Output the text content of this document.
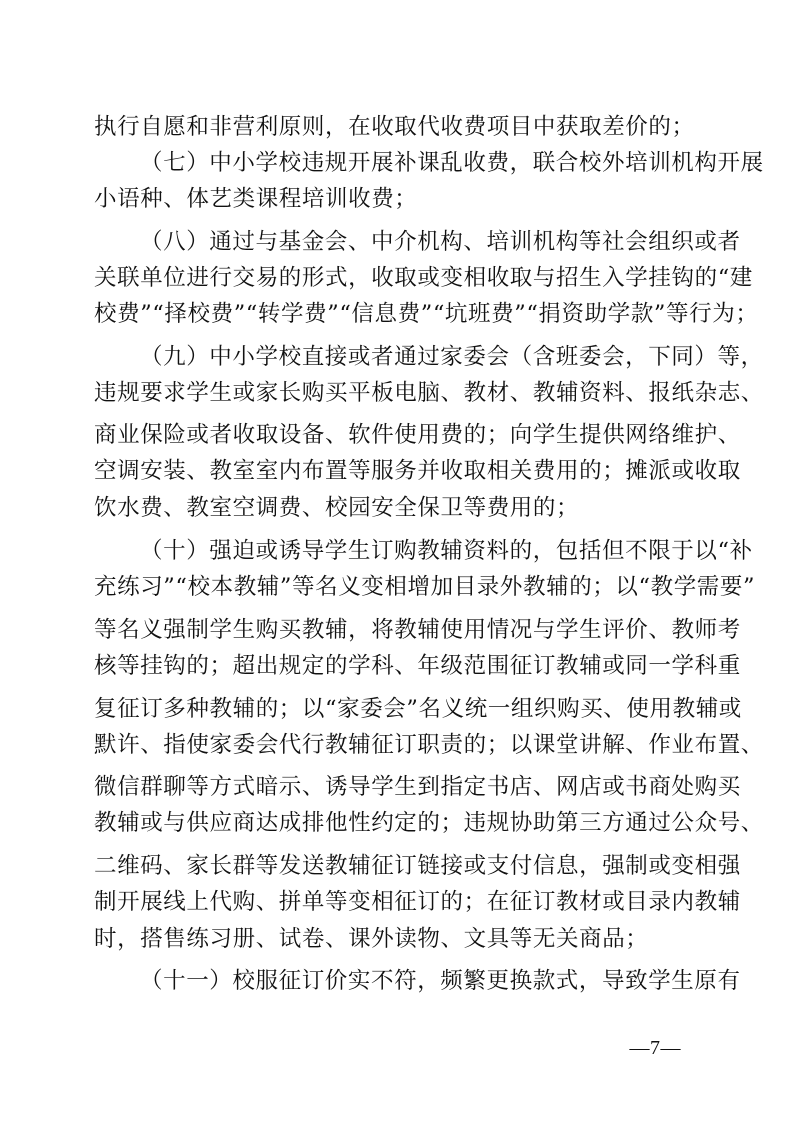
执行自愿和非营利原则，在收取代收费项目中获取差价的；
（七）中小学校违规开展补课乱收费，联合校外培训机构开展
小语种、体艺类课程培训收费；
（八）通过与基金会、中介机构、培训机构等社会组织或者
关联单位进行交易的形式，收取或变相收取与招生入学挂钩的“建
校费”“择校费”“转学费”“信息费”“坑班费”“捐资助学款”等行为；
（九）中小学校直接或者通过家委会（含班委会，下同）等，
违规要求学生或家长购买平板电脑、教材、教辅资料、报纸杂志、
商业保险或者收取设备、软件使用费的；向学生提供网络维护、
空调安装、教室室内布置等服务并收取相关费用的；摊派或收取
饮水费、教室空调费、校园安全保卫等费用的；
（十）强迫或诱导学生订购教辅资料的，包括但不限于以“补
充练习”“校本教辅”等名义变相增加目录外教辅的；以“教学需要”
等名义强制学生购买教辅，将教辅使用情况与学生评价、教师考
核等挂钩的；超出规定的学科、年级范围征订教辅或同一学科重
复征订多种教辅的；以“家委会”名义统一组织购买、使用教辅或
默许、指使家委会代行教辅征订职责的；以课堂讲解、作业布置、
微信群聊等方式暗示、诱导学生到指定书店、网店或书商处购买
教辅或与供应商达成排他性约定的；违规协助第三方通过公众号、
二维码、家长群等发送教辅征订链接或支付信息，强制或变相强
制开展线上代购、拼单等变相征订的；在征订教材或目录内教辅
时，搭售练习册、试卷、课外读物、文具等无关商品；
（十一）校服征订价实不符，频繁更换款式，导致学生原有
—7—
